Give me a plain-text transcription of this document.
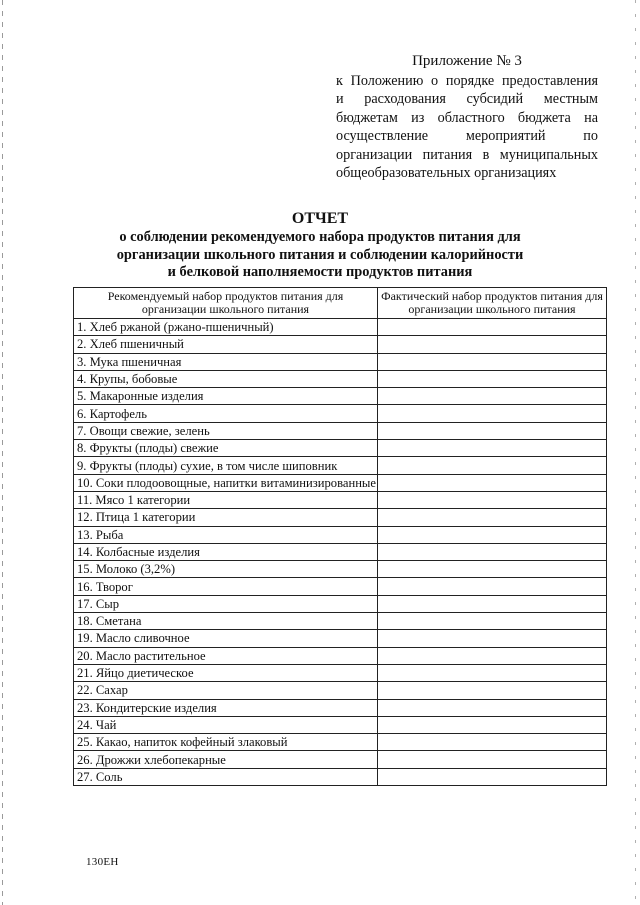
Приложение № 3
к Положению о порядке предоставления
и расходования субсидий местным
бюджетам из областного бюджета на
осуществление мероприятий по
организации питания в муниципальных
общеобразовательных организациях
ОТЧЕТ
о соблюдении рекомендуемого набора продуктов питания для
организации школьного питания и соблюдении калорийности
и белковой наполняемости продуктов питания
Рекомендуемый набор продуктов питания для организации школьного питания	Фактический набор продуктов питания для организации школьного питания
1. Хлеб ржаной (ржано-пшеничный)	
2. Хлеб пшеничный	
3. Мука пшеничная	
4. Крупы, бобовые	
5. Макаронные изделия	
6. Картофель	
7. Овощи свежие, зелень	
8. Фрукты (плоды) свежие	
9. Фрукты (плоды) сухие, в том числе шиповник	
10. Соки плодоовощные, напитки витаминизированные	
11. Мясо 1 категории	
12. Птица 1 категории	
13. Рыба	
14. Колбасные изделия	
15. Молоко (3,2%)	
16. Творог	
17. Сыр	
18. Сметана	
19. Масло сливочное	
20. Масло растительное	
21. Яйцо диетическое	
22. Сахар	
23. Кондитерские изделия	
24. Чай	
25. Какао, напиток кофейный злаковый	
26. Дрожжи хлебопекарные	
27. Соль	
130ЕН
